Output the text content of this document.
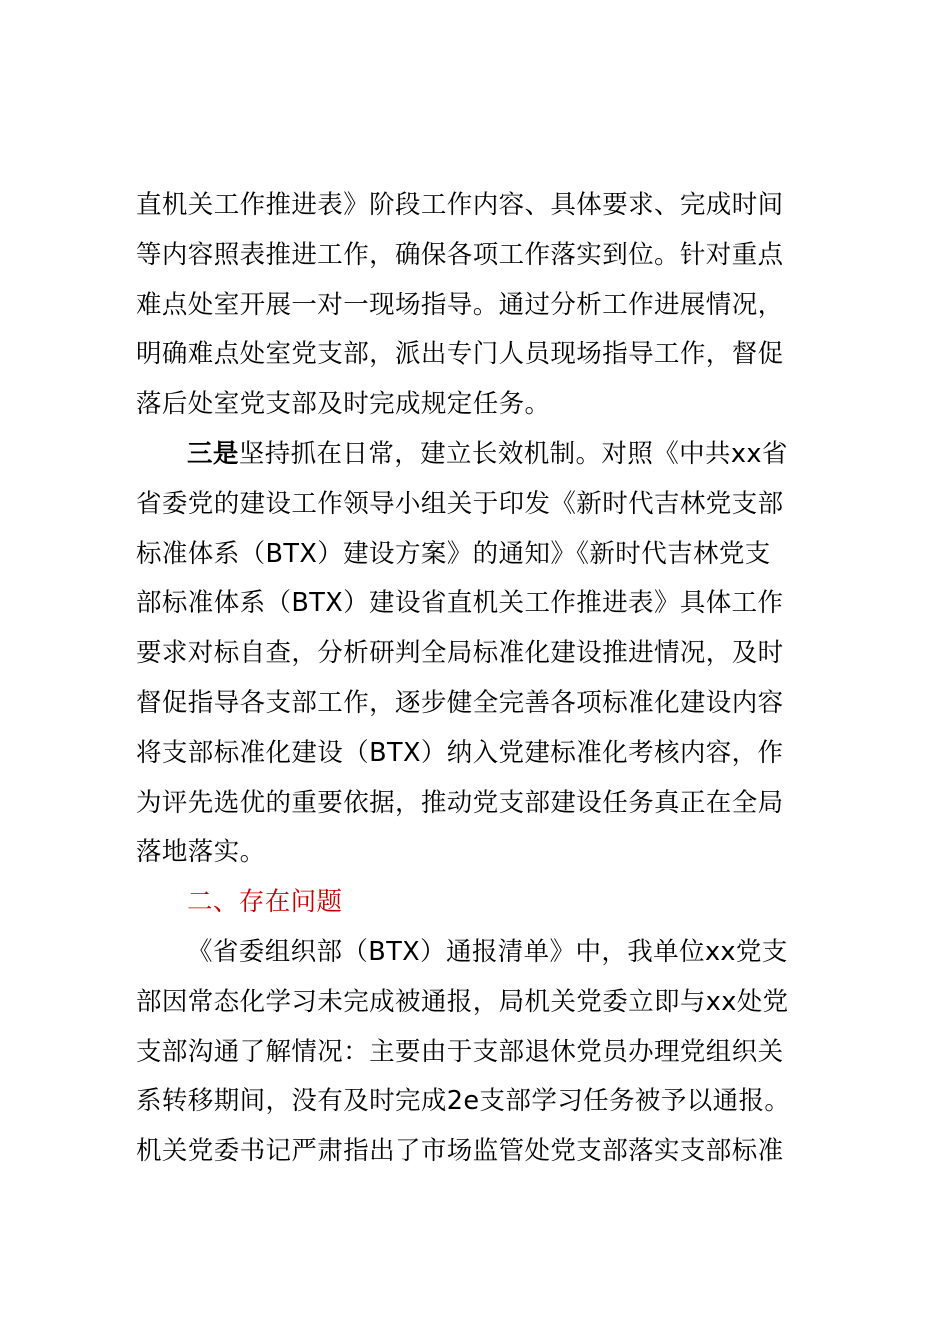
直机关工作推进表》阶段工作内容、具体要求、完成时间
等内容照表推进工作，确保各项工作落实到位。针对重点
难点处室开展一对一现场指导。通过分析工作进展情况，
明确难点处室党支部，派出专门人员现场指导工作，督促
落后处室党支部及时完成规定任务。
三是坚持抓在日常，建立长效机制。对照《中共xx省
省委党的建设工作领导小组关于印发《新时代吉林党支部
标准体系（BTX）建设方案》的通知》《新时代吉林党支
部标准体系（BTX）建设省直机关工作推进表》具体工作
要求对标自查，分析研判全局标准化建设推进情况，及时
督促指导各支部工作，逐步健全完善各项标准化建设内容
将支部标准化建设（BTX）纳入党建标准化考核内容，作
为评先选优的重要依据，推动党支部建设任务真正在全局
落地落实。
二、存在问题
《省委组织部（BTX）通报清单》中，我单位xx党支
部因常态化学习未完成被通报，局机关党委立即与xx处党
支部沟通了解情况：主要由于支部退休党员办理党组织关
系转移期间，没有及时完成2e支部学习任务被予以通报。
机关党委书记严肃指出了市场监管处党支部落实支部标准
